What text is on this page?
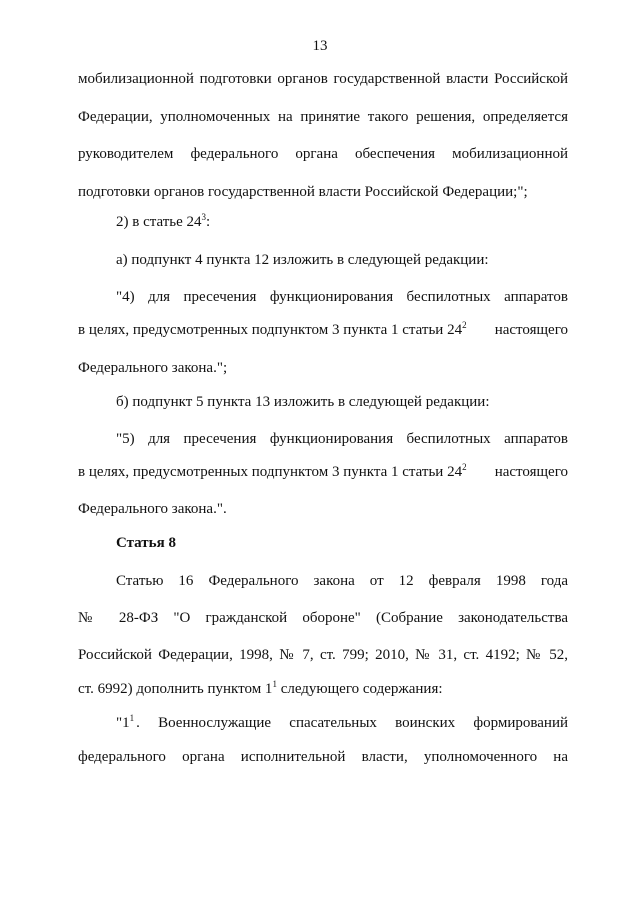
13
мобилизационной подготовки органов государственной власти Российской
Федерации, уполномоченных на принятие такого решения, определяется
руководителем федерального органа обеспечения мобилизационной
подготовки органов государственной власти Российской Федерации;";
2) в статье $24^3$:
а) подпункт 4 пункта 12 изложить в следующей редакции:
"4) для пресечения функционирования беспилотных аппаратов
в целях, предусмотренных подпунктом 3 пункта 1 статьи $24^2$ настоящего
Федерального закона.";
б) подпункт 5 пункта 13 изложить в следующей редакции:
"5) для пресечения функционирования беспилотных аппаратов
в целях, предусмотренных подпунктом 3 пункта 1 статьи $24^2$ настоящего
Федерального закона.".
Статья 8
Статью 16 Федерального закона от 12 февраля 1998 года
№ 28-ФЗ "О гражданской обороне" (Собрание законодательства
Российской Федерации, 1998, № 7, ст. 799; 2010, № 31, ст. 4192; № 52,
ст. 6992) дополнить пунктом $1^1$ следующего содержания:
"$1^1$ . Военнослужащие спасательных воинских формирований
федерального органа исполнительной власти, уполномоченного на
